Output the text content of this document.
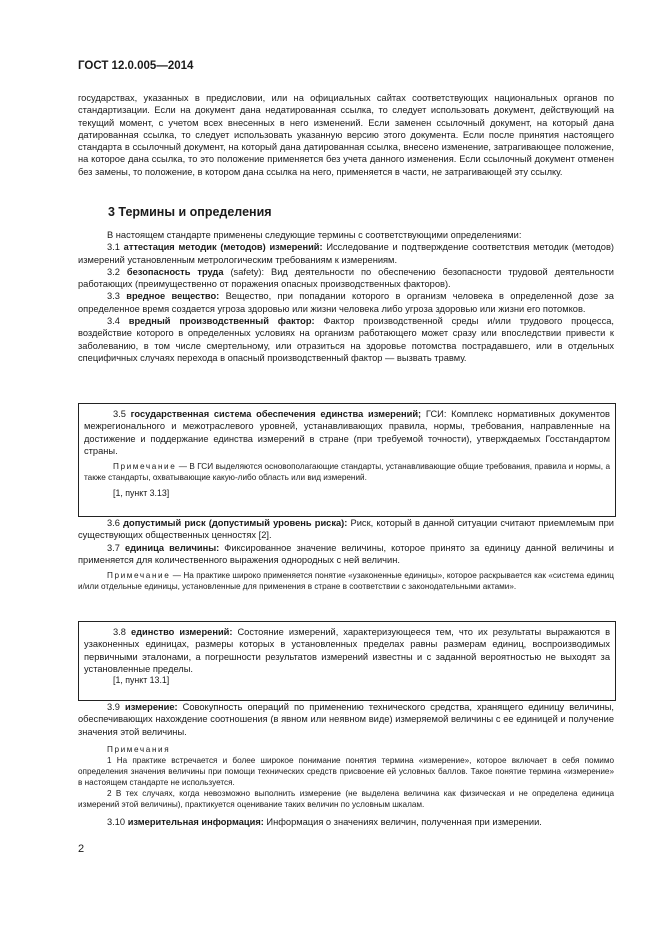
ГОСТ 12.0.005—2014

государствах, указанных в предисловии, или на официальных сайтах соответствующих национальных органов по стандартизации. Если на документ дана недатированная ссылка, то следует использовать документ, действующий на текущий момент, с учетом всех внесенных в него изменений. Если заменен ссылочный документ, на который дана датированная ссылка, то следует использовать указанную версию этого документа. Если после принятия настоящего стандарта в ссылочный документ, на который дана датированная ссылка, внесено изменение, затрагивающее положение, на которое дана ссылка, то это положение применяется без учета данного изменения. Если ссылочный документ отменен без замены, то положение, в котором дана ссылка на него, применяется в части, не затрагивающей эту ссылку.

3 Термины и определения

В настоящем стандарте применены следующие термины с соответствующими определениями:

3.1 аттестация методик (методов) измерений: Исследование и подтверждение соответствия методик (методов) измерений установленным метрологическим требованиям к измерениям.

3.2 безопасность труда (safety): Вид деятельности по обеспечению безопасности трудовой деятельности работающих (преимущественно от поражения опасных производственных факторов).

3.3 вредное вещество: Вещество, при попадании которого в организм человека в определенной дозе за определенное время создается угроза здоровью или жизни человека либо угроза здоровью или жизни его потомков.

3.4 вредный производственный фактор: Фактор производственной среды и/или трудового процесса, воздействие которого в определенных условиях на организм работающего может сразу или впоследствии привести к заболеванию, в том числе смертельному, или отразиться на здоровье потомства пострадавшего, или в отдельных специфичных случаях перехода в опасный производственный фактор — вызвать травму.

3.5 государственная система обеспечения единства измерений; ГСИ: Комплекс нормативных документов межрегионального и межотраслевого уровней, устанавливающих правила, нормы, требования, направленные на достижение и поддержание единства измерений в стране (при требуемой точности), утверждаемых Госстандартом страны.

Примечание — В ГСИ выделяются основополагающие стандарты, устанавливающие общие требования, правила и нормы, а также стандарты, охватывающие какую-либо область или вид измерений.

[1, пункт 3.13]

3.6 допустимый риск (допустимый уровень риска): Риск, который в данной ситуации считают приемлемым при существующих общественных ценностях [2].

3.7 единица величины: Фиксированное значение величины, которое принято за единицу данной величины и применяется для количественного выражения однородных с ней величин.

Примечание — На практике широко применяется понятие «узаконенные единицы», которое раскрывается как «система единиц и/или отдельные единицы, установленные для применения в стране в соответствии с законодательными актами».

3.8 единство измерений: Состояние измерений, характеризующееся тем, что их результаты выражаются в узаконенных единицах, размеры которых в установленных пределах равны размерам единиц, воспроизводимых первичными эталонами, а погрешности результатов измерений известны и с заданной вероятностью не выходят за установленные пределы.

[1, пункт 13.1]

3.9 измерение: Совокупность операций по применению технического средства, хранящего единицу величины, обеспечивающих нахождение соотношения (в явном или неявном виде) измеряемой величины с ее единицей и получение значения этой величины.

Примечания

1 На практике встречается и более широкое понимание понятия термина «измерение», которое включает в себя помимо определения значения величины при помощи технических средств присвоение ей условных баллов. Такое понятие термина «измерение» в настоящем стандарте не используется.

2 В тех случаях, когда невозможно выполнить измерение (не выделена величина как физическая и не определена единица измерений этой величины), практикуется оценивание таких величин по условным шкалам.

3.10 измерительная информация: Информация о значениях величин, полученная при измерении.

2
